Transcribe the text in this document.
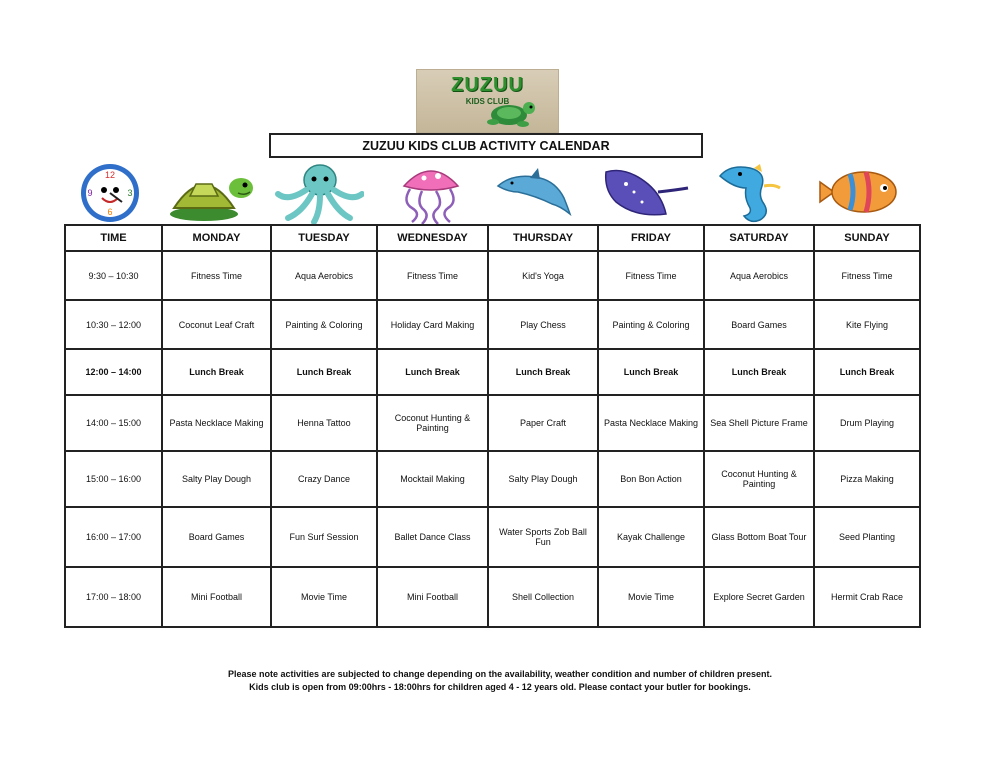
ZUZUU
KIDS CLUB
ZUZUU KIDS CLUB ACTIVITY CALENDAR
12
3
6
9
TIME	MONDAY	TUESDAY	WEDNESDAY	THURSDAY	FRIDAY	SATURDAY	SUNDAY
9:30 – 10:30	Fitness Time	Aqua Aerobics	Fitness Time	Kid's Yoga	Fitness Time	Aqua Aerobics	Fitness Time
10:30 – 12:00	Coconut Leaf Craft	Painting & Coloring	Holiday Card Making	Play Chess	Painting & Coloring	Board Games	Kite Flying
12:00 – 14:00	Lunch Break	Lunch Break	Lunch Break	Lunch Break	Lunch Break	Lunch Break	Lunch Break
14:00 – 15:00	Pasta Necklace Making	Henna Tattoo	Coconut Hunting & Painting	Paper Craft	Pasta Necklace Making	Sea Shell Picture Frame	Drum Playing
15:00 – 16:00	Salty Play Dough	Crazy Dance	Mocktail Making	Salty Play Dough	Bon Bon Action	Coconut Hunting & Painting	Pizza Making
16:00 – 17:00	Board Games	Fun Surf Session	Ballet Dance Class	Water Sports Zob Ball Fun	Kayak Challenge	Glass Bottom Boat Tour	Seed Planting
17:00 – 18:00	Mini Football	Movie Time	Mini Football	Shell Collection	Movie Time	Explore Secret Garden	Hermit Crab Race
Please note activities are subjected to change depending on the availability, weather condition and number of children present.
Kids club is open from 09:00hrs - 18:00hrs for children aged 4 - 12 years old. Please contact your butler for bookings.
